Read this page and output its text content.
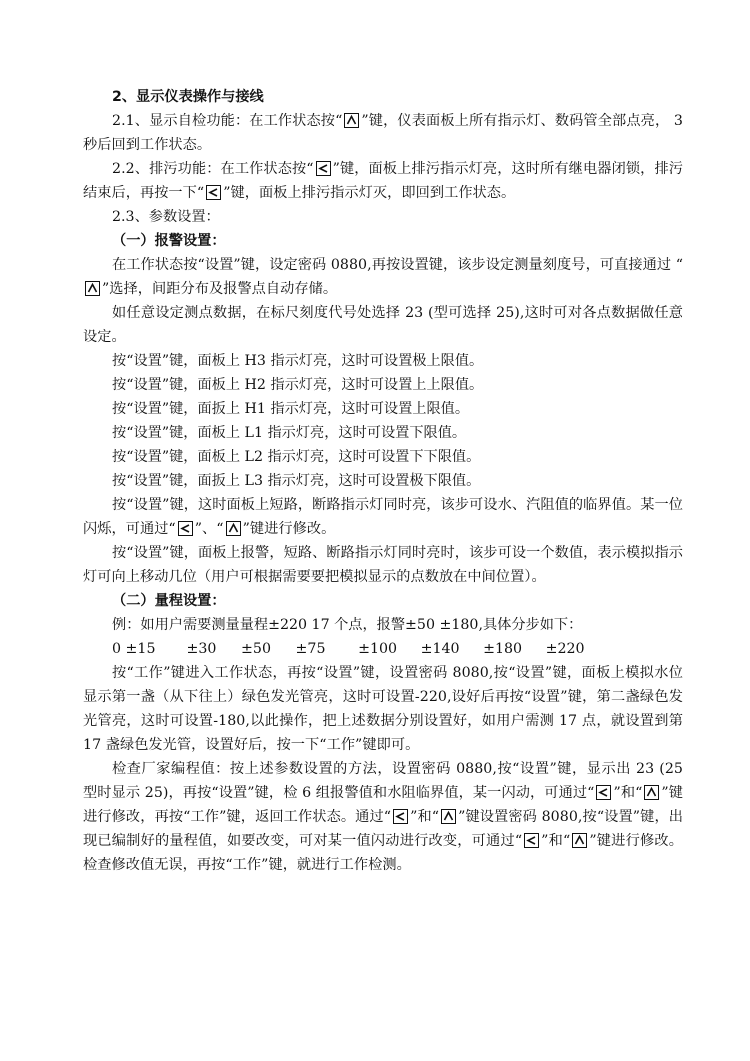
2、显示仪表操作与接线
2.1、显示自检功能：在工作状态按“ ”键，仪表面板上所有指示灯、数码管全部点亮， 3 秒后回到工作状态。
2.2、排污功能：在工作状态按“ ”键，面板上排污指示灯亮，这时所有继电器闭锁，排污结束后，再按一下“ ”键，面板上排污指示灯灭，即回到工作状态。
2.3、参数设置：
（一）报警设置：
在工作状态按“设置”键，设定密码 0880,再按设置键，该步设定测量刻度号，可直接通过 “
”选择，间距分布及报警点自动存储。
如任意设定测点数据，在标尺刻度代号处选择 23 (型可选择 25),这时可对各点数据做任意设定。
按“设置”键，面板上 H3 指示灯亮，这时可设置极上限值。
按“设置”键，面板上 H2 指示灯亮，这时可设置上上限值。
按“设置”键，面扳上 H1 指示灯亮，这时可设置上限值。
按“设置”键，面板上 L1 指示灯亮，这时可设置下限值。
按“设置”键，面板上 L2 指示灯亮，这时可设置下下限值。
按“设置”键，面扳上 L3 指示灯亮，这时可设置极下限值。
按“设置”键，这时面板上短路，断路指示灯同时亮，该步可设水、汽阻值的临界值。某一位闪烁，可通过“ ”、“ ”键进行修改。
按“设置”键，面板上报警，短路、断路指示灯同时亮时，该步可设一个数值，表示模拟指示灯可向上移动几位（用户可根据需要要把模拟显示的点数放在中间位置）。
（二）量程设置：
例：如用户需要测量量程±220 17 个点，报警±50 ±180,具体分步如下：
0 ±15 ±30 ±50 ±75 ±100 ±140 ±180 ±220
按“工作”键进入工作状态，再按“设置”键，设置密码 8080,按“设置”键，面板上模拟水位显示第一盏（从下往上）绿色发光管亮，这时可设置-220,设好后再按“设置”键，第二盏绿色发光管亮，这时可设置-180,以此操作，把上述数据分别设置好，如用户需测 17 点，就设置到第 17 盏绿色发光管，设置好后，按一下“工作”键即可。
检查厂家编程值：按上述参数设置的方法，设置密码 0880,按“设置”键，显示出 23 (25 型时显示 25)，再按“设置”键，检 6 组报警值和水阻临界值，某一闪动，可通过“ ”和“ ”键进行修改，再按“工作”键，返回工作状态。通过“ ”和“ ”键设置密码 8080,按“设置”键，出现已编制好的量程值，如要改变，可对某一值闪动进行改变，可通过“ ”和“ ”键进行修改。检查修改值无误，再按“工作”键，就进行工作检测。
